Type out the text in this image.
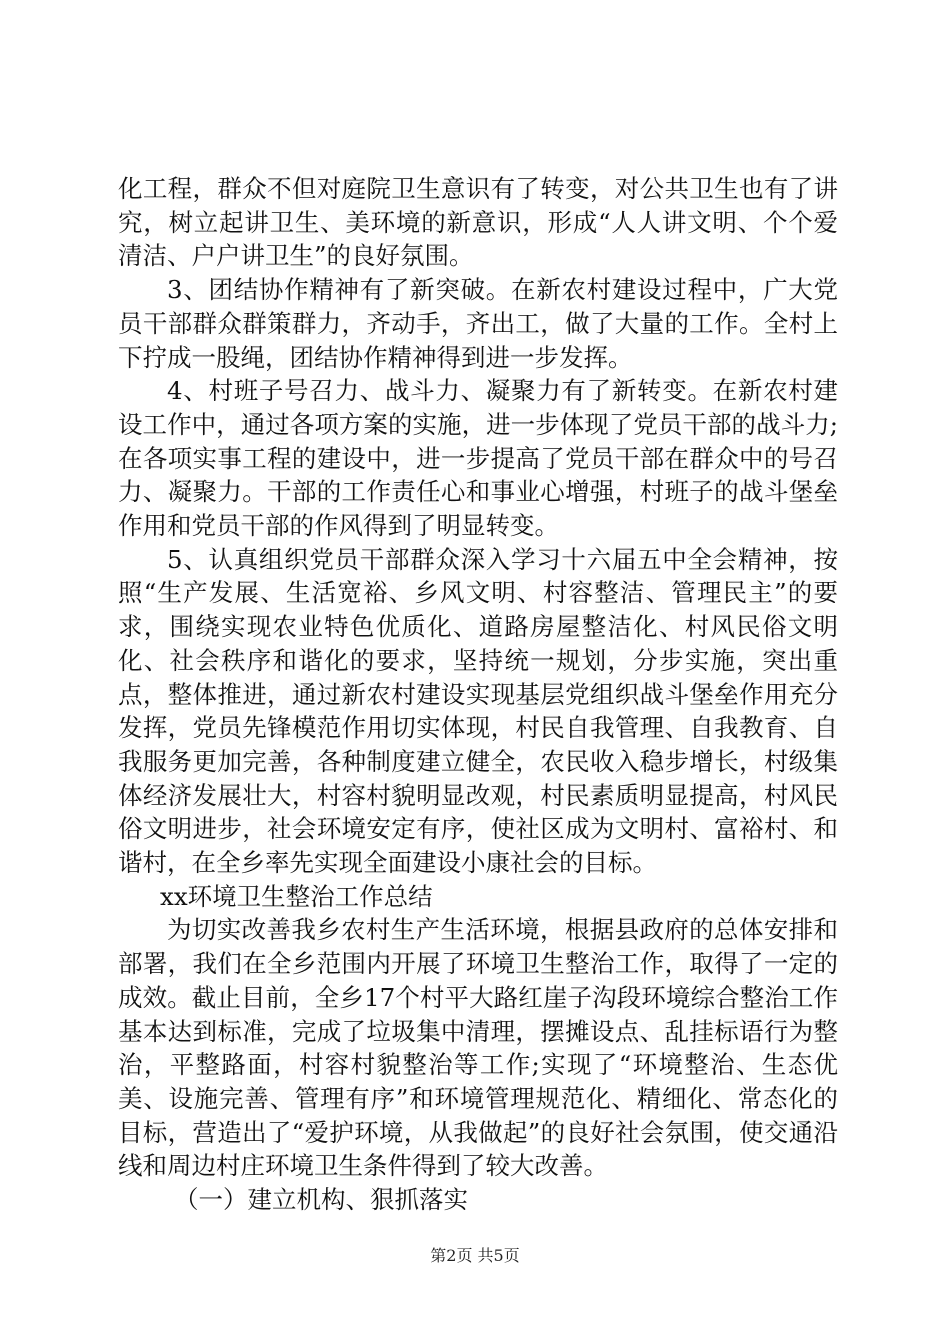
化工程，群众不但对庭院卫生意识有了转变，对公共卫生也有了讲究，树立起讲卫生、美环境的新意识，形成“人人讲文明、个个爱清洁、户户讲卫生”的良好氛围。

3、团结协作精神有了新突破。在新农村建设过程中，广大党员干部群众群策群力，齐动手，齐出工，做了大量的工作。全村上下拧成一股绳，团结协作精神得到进一步发挥。

4、村班子号召力、战斗力、凝聚力有了新转变。在新农村建设工作中，通过各项方案的实施，进一步体现了党员干部的战斗力;在各项实事工程的建设中，进一步提高了党员干部在群众中的号召力、凝聚力。干部的工作责任心和事业心增强，村班子的战斗堡垒作用和党员干部的作风得到了明显转变。

5、认真组织党员干部群众深入学习十六届五中全会精神，按照“生产发展、生活宽裕、乡风文明、村容整洁、管理民主”的要求，围绕实现农业特色优质化、道路房屋整洁化、村风民俗文明化、社会秩序和谐化的要求，坚持统一规划，分步实施，突出重点，整体推进，通过新农村建设实现基层党组织战斗堡垒作用充分发挥，党员先锋模范作用切实体现，村民自我管理、自我教育、自我服务更加完善，各种制度建立健全，农民收入稳步增长，村级集体经济发展壮大，村容村貌明显改观，村民素质明显提高，村风民俗文明进步，社会环境安定有序，使社区成为文明村、富裕村、和谐村，在全乡率先实现全面建设小康社会的目标。

xx环境卫生整治工作总结

为切实改善我乡农村生产生活环境，根据县政府的总体安排和部署，我们在全乡范围内开展了环境卫生整治工作，取得了一定的成效。截止目前，全乡17个村平大路红崖子沟段环境综合整治工作基本达到标准，完成了垃圾集中清理，摆摊设点、乱挂标语行为整治，平整路面，村容村貌整治等工作;实现了“环境整治、生态优美、设施完善、管理有序”和环境管理规范化、精细化、常态化的目标，营造出了“爱护环境，从我做起”的良好社会氛围，使交通沿线和周边村庄环境卫生条件得到了较大改善。

（一）建立机构、狠抓落实

第2页 共5页
